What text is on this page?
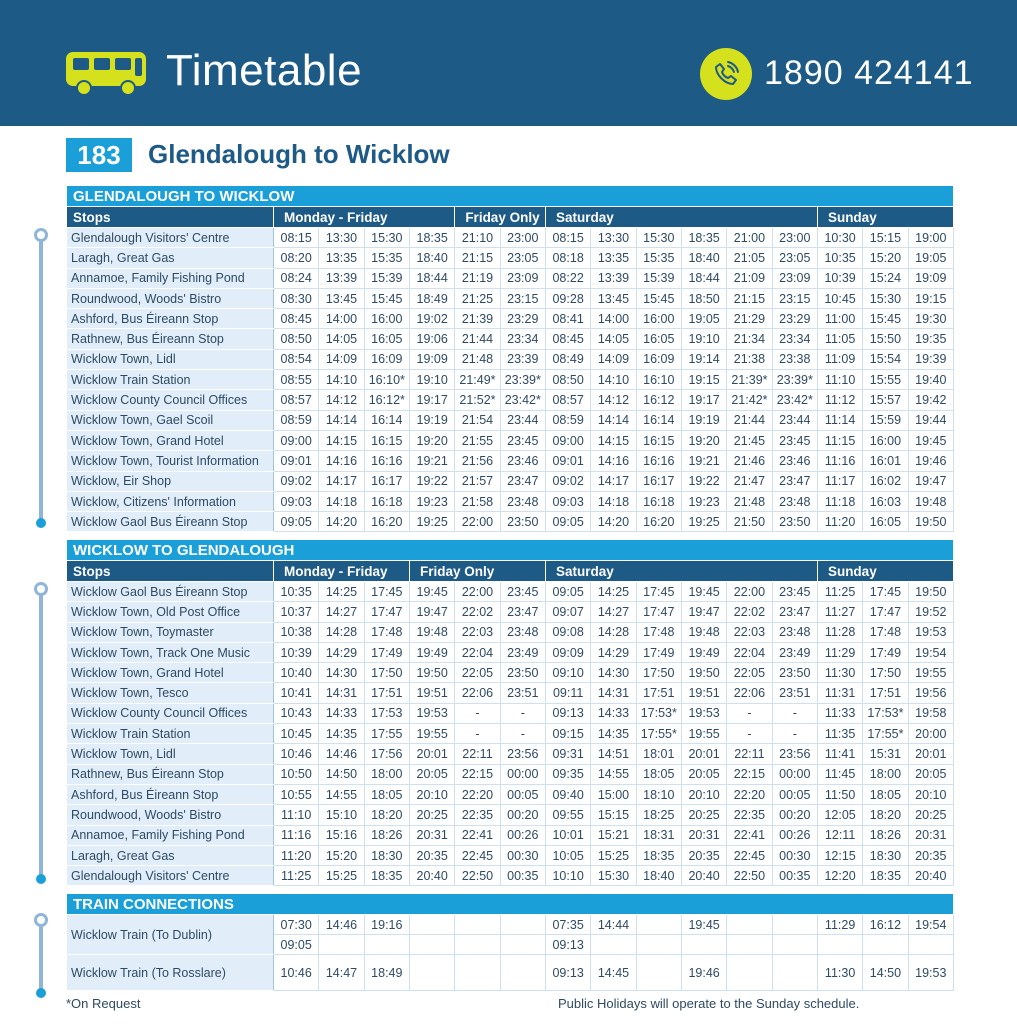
Timetable	1890 424141
183	Glendalough to Wicklow
GLENDALOUGH TO WICKLOW															
Stops	Monday - Friday				Friday Only		Saturday						Sunday		
Glendalough Visitors' Centre	08:15	13:30	15:30	18:35	21:10	23:00	08:15	13:30	15:30	18:35	21:00	23:00	10:30	15:15	19:00
Laragh, Great Gas	08:20	13:35	15:35	18:40	21:15	23:05	08:18	13:35	15:35	18:40	21:05	23:05	10:35	15:20	19:05
Annamoe, Family Fishing Pond	08:24	13:39	15:39	18:44	21:19	23:09	08:22	13:39	15:39	18:44	21:09	23:09	10:39	15:24	19:09
Roundwood, Woods' Bistro	08:30	13:45	15:45	18:49	21:25	23:15	09:28	13:45	15:45	18:50	21:15	23:15	10:45	15:30	19:15
Ashford, Bus Éireann Stop	08:45	14:00	16:00	19:02	21:39	23:29	08:41	14:00	16:00	19:05	21:29	23:29	11:00	15:45	19:30
Rathnew, Bus Éireann Stop	08:50	14:05	16:05	19:06	21:44	23:34	08:45	14:05	16:05	19:10	21:34	23:34	11:05	15:50	19:35
Wicklow Town, Lidl	08:54	14:09	16:09	19:09	21:48	23:39	08:49	14:09	16:09	19:14	21:38	23:38	11:09	15:54	19:39
Wicklow Train Station	08:55	14:10	16:10*	19:10	21:49*	23:39*	08:50	14:10	16:10	19:15	21:39*	23:39*	11:10	15:55	19:40
Wicklow County Council Offices	08:57	14:12	16:12*	19:17	21:52*	23:42*	08:57	14:12	16:12	19:17	21:42*	23:42*	11:12	15:57	19:42
Wicklow Town, Gael Scoil	08:59	14:14	16:14	19:19	21:54	23:44	08:59	14:14	16:14	19:19	21:44	23:44	11:14	15:59	19:44
Wicklow Town, Grand Hotel	09:00	14:15	16:15	19:20	21:55	23:45	09:00	14:15	16:15	19:20	21:45	23:45	11:15	16:00	19:45
Wicklow Town, Tourist Information	09:01	14:16	16:16	19:21	21:56	23:46	09:01	14:16	16:16	19:21	21:46	23:46	11:16	16:01	19:46
Wicklow, Eir Shop	09:02	14:17	16:17	19:22	21:57	23:47	09:02	14:17	16:17	19:22	21:47	23:47	11:17	16:02	19:47
Wicklow, Citizens' Information	09:03	14:18	16:18	19:23	21:58	23:48	09:03	14:18	16:18	19:23	21:48	23:48	11:18	16:03	19:48
Wicklow Gaol Bus Éireann Stop	09:05	14:20	16:20	19:25	22:00	23:50	09:05	14:20	16:20	19:25	21:50	23:50	11:20	16:05	19:50
WICKLOW TO GLENDALOUGH															
Stops	Monday - Friday			Friday Only			Saturday						Sunday		
Wicklow Gaol Bus Éireann Stop	10:35	14:25	17:45	19:45	22:00	23:45	09:05	14:25	17:45	19:45	22:00	23:45	11:25	17:45	19:50
Wicklow Town, Old Post Office	10:37	14:27	17:47	19:47	22:02	23:47	09:07	14:27	17:47	19:47	22:02	23:47	11:27	17:47	19:52
Wicklow Town, Toymaster	10:38	14:28	17:48	19:48	22:03	23:48	09:08	14:28	17:48	19:48	22:03	23:48	11:28	17:48	19:53
Wicklow Town, Track One Music	10:39	14:29	17:49	19:49	22:04	23:49	09:09	14:29	17:49	19:49	22:04	23:49	11:29	17:49	19:54
Wicklow Town, Grand Hotel	10:40	14:30	17:50	19:50	22:05	23:50	09:10	14:30	17:50	19:50	22:05	23:50	11:30	17:50	19:55
Wicklow Town, Tesco	10:41	14:31	17:51	19:51	22:06	23:51	09:11	14:31	17:51	19:51	22:06	23:51	11:31	17:51	19:56
Wicklow County Council Offices	10:43	14:33	17:53	19:53	-	-	09:13	14:33	17:53*	19:53	-	-	11:33	17:53*	19:58
Wicklow Train Station	10:45	14:35	17:55	19:55	-	-	09:15	14:35	17:55*	19:55	-	-	11:35	17:55*	20:00
Wicklow Town, Lidl	10:46	14:46	17:56	20:01	22:11	23:56	09:31	14:51	18:01	20:01	22:11	23:56	11:41	15:31	20:01
Rathnew, Bus Éireann Stop	10:50	14:50	18:00	20:05	22:15	00:00	09:35	14:55	18:05	20:05	22:15	00:00	11:45	18:00	20:05
Ashford, Bus Éireann Stop	10:55	14:55	18:05	20:10	22:20	00:05	09:40	15:00	18:10	20:10	22:20	00:05	11:50	18:05	20:10
Roundwood, Woods' Bistro	11:10	15:10	18:20	20:25	22:35	00:20	09:55	15:15	18:25	20:25	22:35	00:20	12:05	18:20	20:25
Annamoe, Family Fishing Pond	11:16	15:16	18:26	20:31	22:41	00:26	10:01	15:21	18:31	20:31	22:41	00:26	12:11	18:26	20:31
Laragh, Great Gas	11:20	15:20	18:30	20:35	22:45	00:30	10:05	15:25	18:35	20:35	22:45	00:30	12:15	18:30	20:35
Glendalough Visitors' Centre	11:25	15:25	18:35	20:40	22:50	00:35	10:10	15:30	18:40	20:40	22:50	00:35	12:20	18:35	20:40
TRAIN CONNECTIONS															
Wicklow Train (To Dublin)	07:30	14:46	19:16				07:35	14:44		19:45			11:29	16:12	19:54
	09:05						09:13								
Wicklow Train (To Rosslare)	10:46	14:47	18:49				09:13	14:45		19:46			11:30	14:50	19:53
*On Request	Public Holidays will operate to the Sunday schedule.
